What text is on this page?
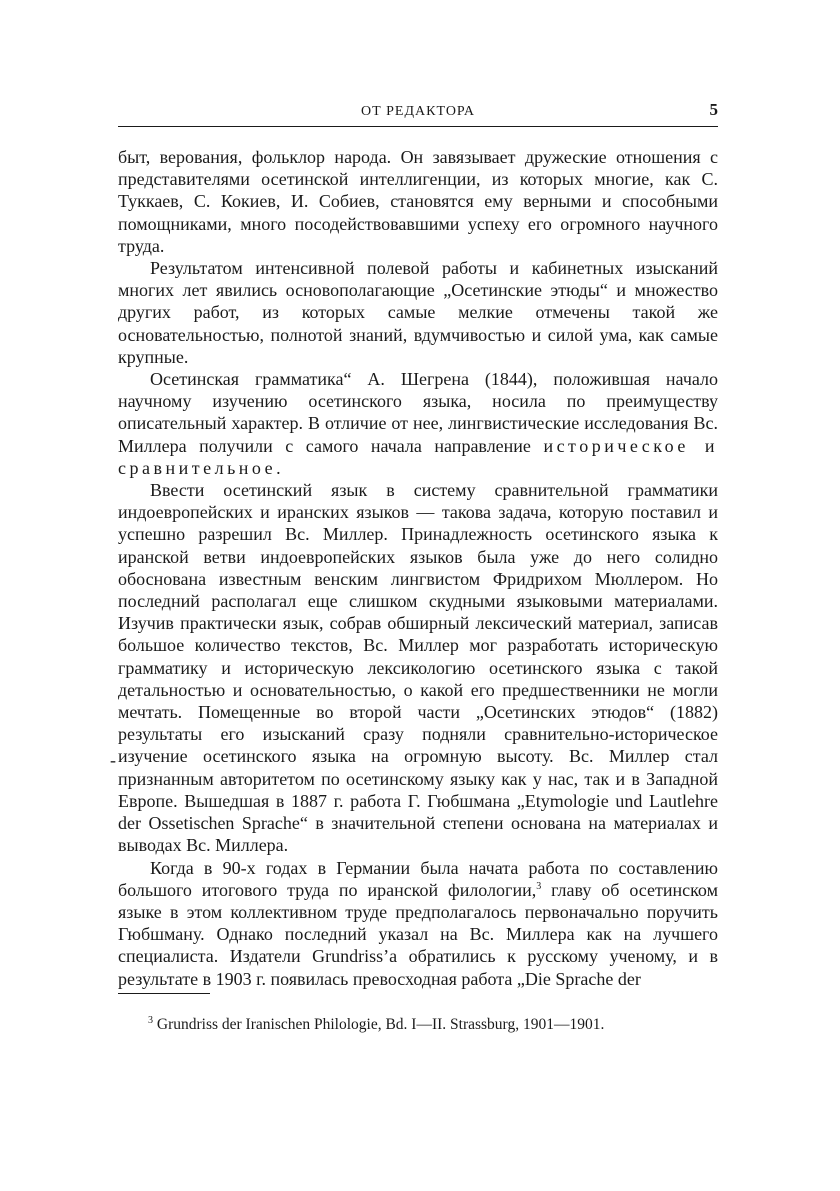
ОТ РЕДАКТОРА	5

быт, верования, фольклор народа. Он завязывает дружеские отношения с представителями осетинской интеллигенции, из которых многие, как С. Туккаев, С. Кокиев, И. Собиев, становятся ему верными и способными помощниками, много посодействовавшими успеху его огромного научного труда.

Результатом интенсивной полевой работы и кабинетных изысканий многих лет явились основополагающие „Осетинские этюды“ и множество других работ, из которых самые мелкие отмечены такой же основательностью, полнотой знаний, вдумчивостью и силой ума, как самые крупные.

Осетинская грамматика“ А. Шегрена (1844), положившая начало научному изучению осетинского языка, носила по преимуществу описательный характер. В отличие от нее, лингвистические исследования Вс. Миллера получили с самого начала направление историческое и сравнительное.

Ввести осетинский язык в систему сравнительной грамматики индоевропейских и иранских языков — такова задача, которую поставил и успешно разрешил Вс. Миллер. Принадлежность осетинского языка к иранской ветви индоевропейских языков была уже до него солидно обоснована известным венским лингвистом Фридрихом Мюллером. Но последний располагал еще слишком скудными языковыми материалами. Изучив практически язык, собрав обширный лексический материал, записав большое количество текстов, Вс. Миллер мог разработать историческую грамматику и историческую лексикологию осетинского языка с такой детальностью и основательностью, о какой его предшественники не могли мечтать. Помещенные во второй части „Осетинских этюдов“ (1882) результаты его изысканий сразу подняли сравнительно-историческое изучение осетинского языка на огромную высоту. Вс. Миллер стал признанным авторитетом по осетинскому языку как у нас, так и в Западной Европе. Вышедшая в 1887 г. работа Г. Гюбшмана „Etymologie und Lautlehre der Ossetischen Sprache“ в значительной степени основана на материалах и выводах Вс. Миллера.

Когда в 90-х годах в Германии была начата работа по составлению большого итогового труда по иранской филологии,$^3$ главу об осетинском языке в этом коллективном труде предполагалось первоначально поручить Гюбшману. Однако последний указал на Вс. Миллера как на лучшего специалиста. Издатели Grundriss’a обратились к русскому ученому, и в результате в 1903 г. появилась превосходная работа „Die Sprache der

-
$^3$ Grundriss der Iranischen Philologie, Bd. I—II. Strassburg, 1901—1901.
